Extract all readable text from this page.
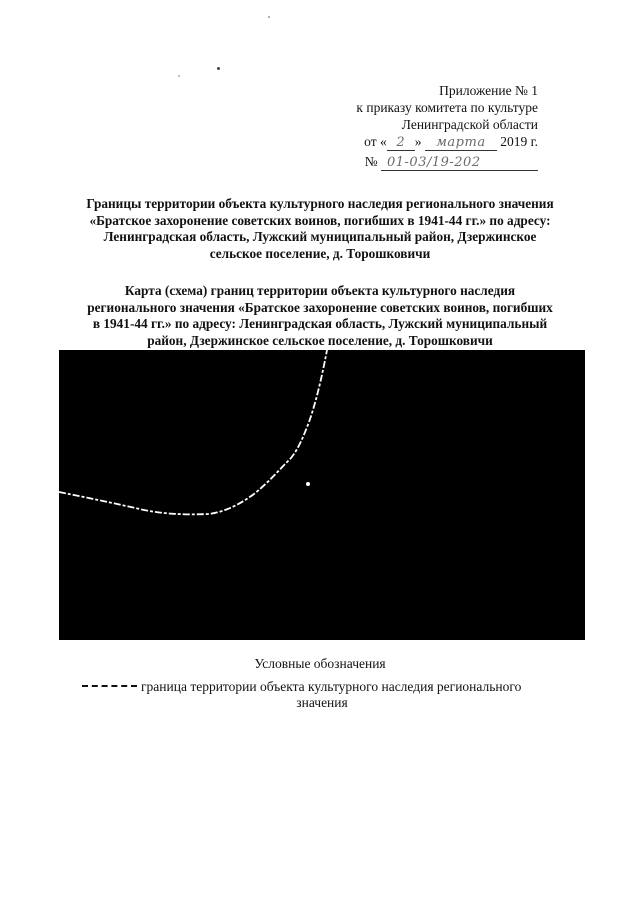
Приложение № 1
к приказу комитета по культуре
Ленинградской области
от « 2 » марта 2019 г.
№ 01-03/19-202
Границы территории объекта культурного наследия регионального значения
«Братское захоронение советских воинов, погибших в 1941-44 гг.» по адресу:
Ленинградская область, Лужский муниципальный район, Дзержинское
сельское поселение, д. Торошковичи
Карта (схема) границ территории объекта культурного наследия
регионального значения «Братское захоронение советских воинов, погибших
в 1941-44 гг.» по адресу: Ленинградская область, Лужский муниципальный
район, Дзержинское сельское поселение, д. Торошковичи
Условные обозначения
граница территории объекта культурного наследия регионального
значения
